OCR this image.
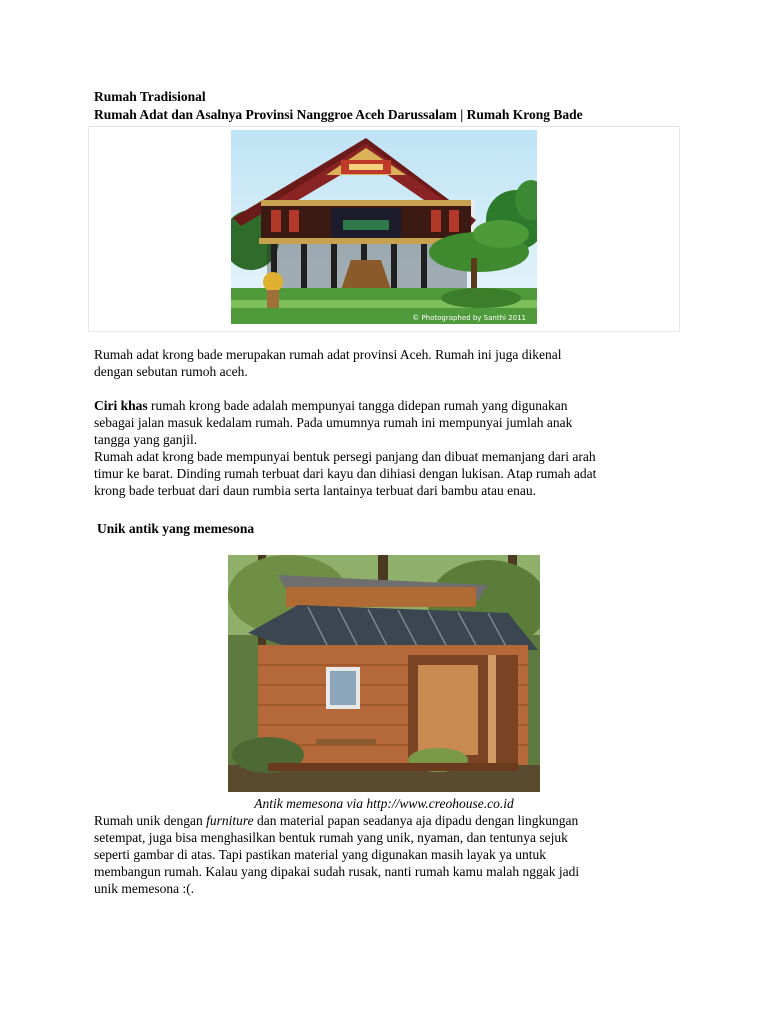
Rumah Tradisional
Rumah Adat dan Asalnya Provinsi Nanggroe Aceh Darussalam | Rumah Krong Bade
© Photographed by Santhi 2011
Rumah adat krong bade merupakan rumah adat provinsi Aceh. Rumah ini juga dikenal
dengan sebutan rumoh aceh.
Ciri khas rumah krong bade adalah mempunyai tangga didepan rumah yang digunakan
sebagai jalan masuk kedalam rumah. Pada umumnya rumah ini mempunyai jumlah anak
tangga yang ganjil.
Rumah adat krong bade mempunyai bentuk persegi panjang dan dibuat memanjang dari arah
timur ke barat. Dinding rumah terbuat dari kayu dan dihiasi dengan lukisan. Atap rumah adat
krong bade terbuat dari daun rumbia serta lantainya terbuat dari bambu atau enau.
Unik antik yang memesona
Antik memesona via http://www.creohouse.co.id
Rumah unik dengan furniture dan material papan seadanya aja dipadu dengan lingkungan
setempat, juga bisa menghasilkan bentuk rumah yang unik, nyaman, dan tentunya sejuk
seperti gambar di atas. Tapi pastikan material yang digunakan masih layak ya untuk
membangun rumah. Kalau yang dipakai sudah rusak, nanti rumah kamu malah nggak jadi
unik memesona :(.
